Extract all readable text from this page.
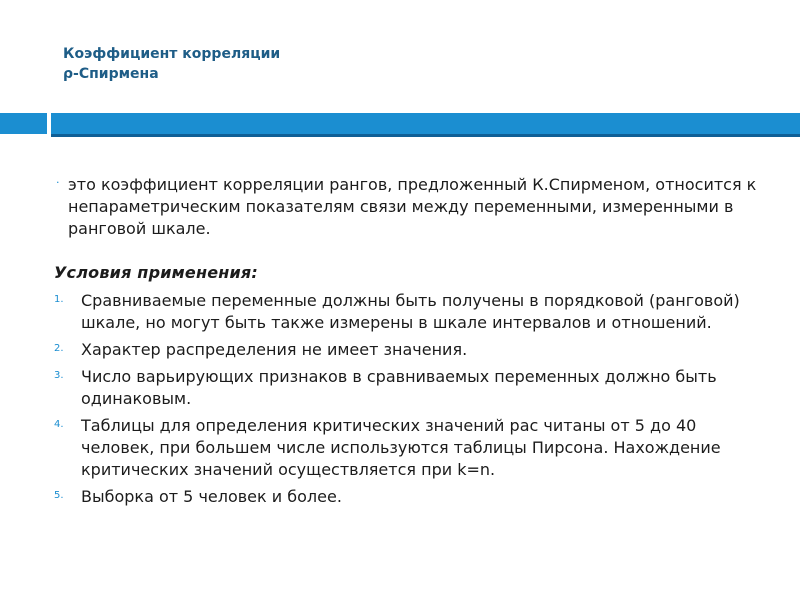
Коэффициент корреляции
ρ-Спирмена

· это коэффициент корреляции рангов, предложенный К.Спирменом, относится к непараметрическим показателям связи между переменными, измеренными в ранговой шкале.

Условия применения:

1. Сравниваемые переменные должны быть получены в порядковой (ранговой) шкале, но могут быть также измерены в шкале интервалов и отношений.
2. Характер распределения не имеет значения.
3. Число варьирующих признаков в сравниваемых переменных должно быть одинаковым.
4. Таблицы для определения критических значений рас читаны от 5 до 40 человек, при большем числе используются таблицы Пирсона. Нахождение критических значений осуществляется при k=n.
5. Выборка от 5 человек и более.
